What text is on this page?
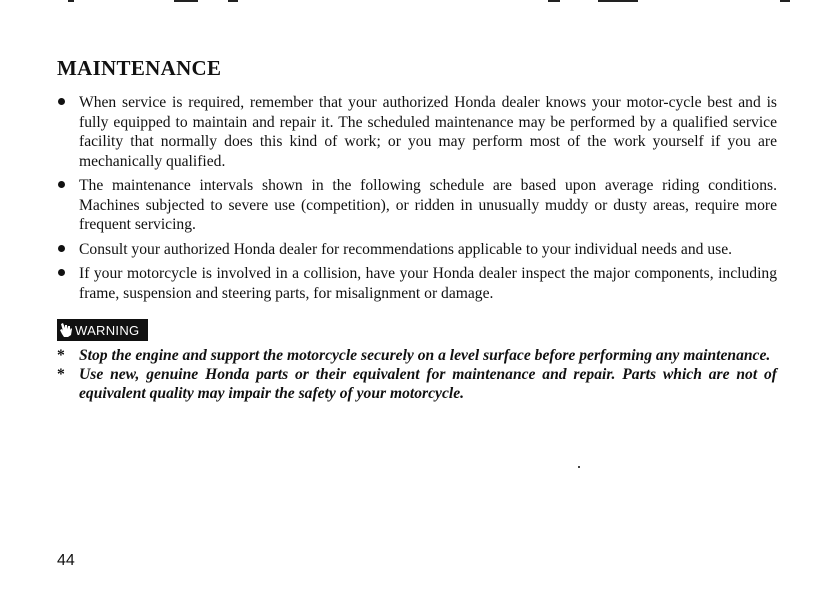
MAINTENANCE
When service is required, remember that your authorized Honda dealer knows your motor-cycle best and is fully equipped to maintain and repair it. The scheduled maintenance may be performed by a qualified service facility that normally does this kind of work; or you may perform most of the work yourself if you are mechanically qualified.
The maintenance intervals shown in the following schedule are based upon average riding conditions. Machines subjected to severe use (competition), or ridden in unusually muddy or dusty areas, require more frequent servicing.
Consult your authorized Honda dealer for recommendations applicable to your individual needs and use.
If your motorcycle is involved in a collision, have your Honda dealer inspect the major components, including frame, suspension and steering parts, for misalignment or damage.
WARNING
* Stop the engine and support the motorcycle securely on a level surface before performing any maintenance.
* Use new, genuine Honda parts or their equivalent for maintenance and repair. Parts which are not of equivalent quality may impair the safety of your motorcycle.
44
